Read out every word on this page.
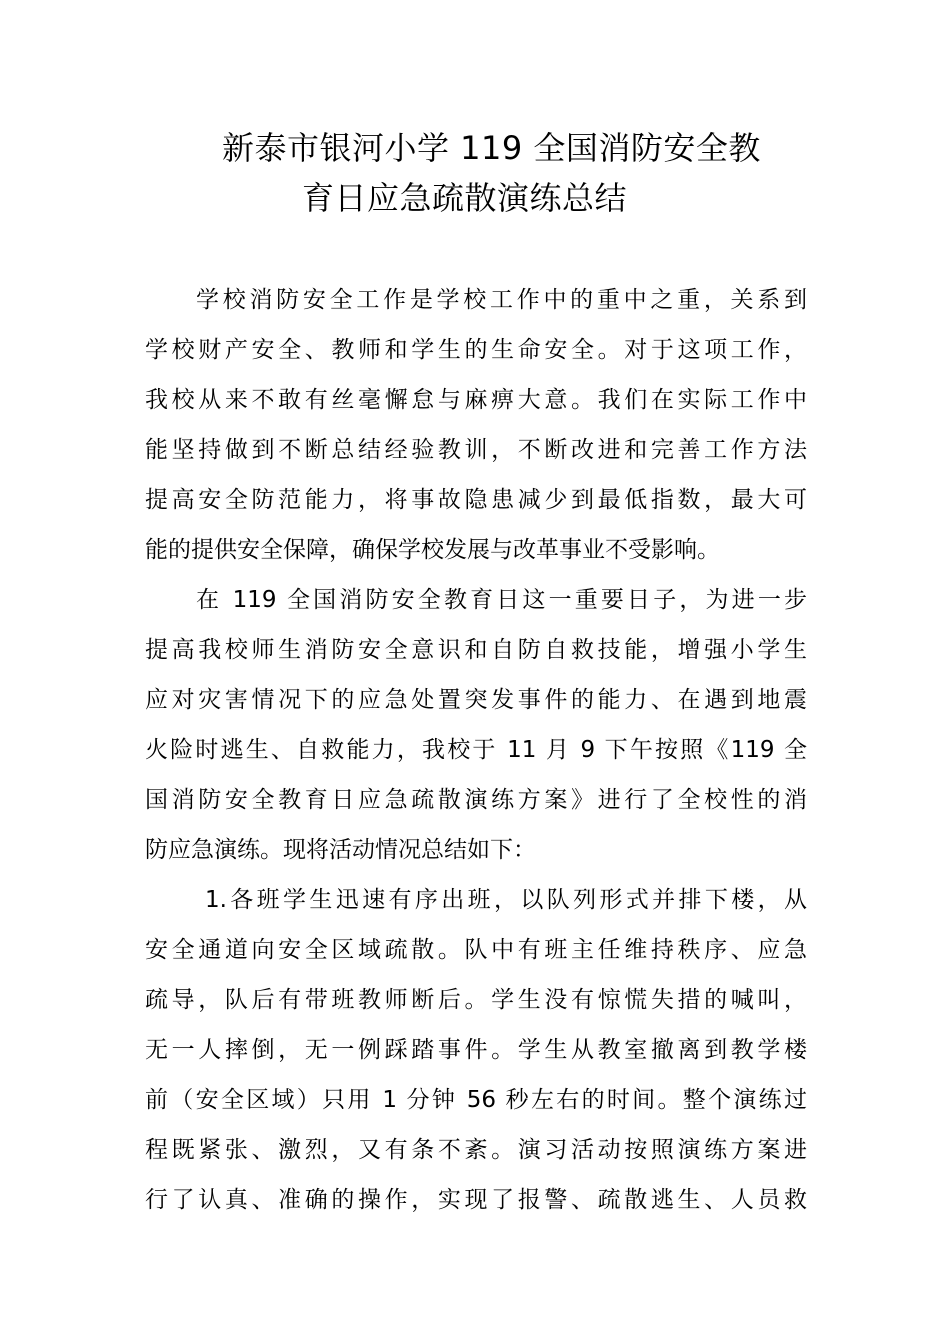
新泰市银河小学 119 全国消防安全教
育日应急疏散演练总结
学校消防安全工作是学校工作中的重中之重，关系到
学校财产安全、教师和学生的生命安全。对于这项工作，
我校从来不敢有丝毫懈怠与麻痹大意。我们在实际工作中
能坚持做到不断总结经验教训，不断改进和完善工作方法
提高安全防范能力，将事故隐患减少到最低指数，最大可
能的提供安全保障，确保学校发展与改革事业不受影响。
在 119 全国消防安全教育日这一重要日子，为进一步
提高我校师生消防安全意识和自防自救技能，增强小学生
应对灾害情况下的应急处置突发事件的能力、在遇到地震
火险时逃生、自救能力，我校于 11 月 9 下午按照《119 全
国消防安全教育日应急疏散演练方案》进行了全校性的消
防应急演练。现将活动情况总结如下：
1.各班学生迅速有序出班，以队列形式并排下楼，从
安全通道向安全区域疏散。队中有班主任维持秩序、应急
疏导，队后有带班教师断后。学生没有惊慌失措的喊叫，
无一人摔倒，无一例踩踏事件。学生从教室撤离到教学楼
前（安全区域）只用 1 分钟 56 秒左右的时间。整个演练过
程既紧张、激烈，又有条不紊。演习活动按照演练方案进
行了认真、准确的操作，实现了报警、疏散逃生、人员救
